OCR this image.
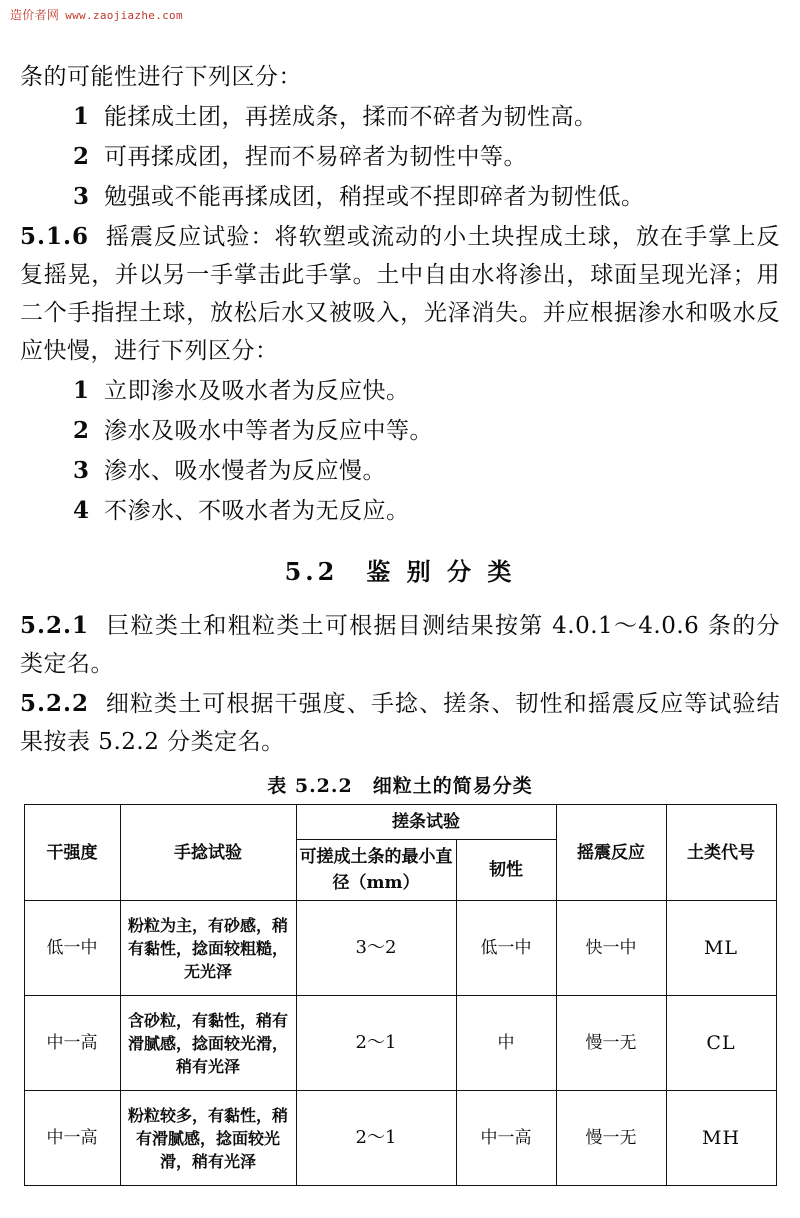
造价者网 www.zaojiazhe.com

条的可能性进行下列区分：

1 能揉成土团，再搓成条，揉而不碎者为韧性高。
2 可再揉成团，捏而不易碎者为韧性中等。
3 勉强或不能再揉成团，稍捏或不捏即碎者为韧性低。

5.1.6 摇震反应试验：将软塑或流动的小土块捏成土球，放在手掌上反复摇晃，并以另一手掌击此手掌。土中自由水将渗出，球面呈现光泽；用二个手指捏土球，放松后水又被吸入，光泽消失。并应根据渗水和吸水反应快慢，进行下列区分：

1 立即渗水及吸水者为反应快。
2 渗水及吸水中等者为反应中等。
3 渗水、吸水慢者为反应慢。
4 不渗水、不吸水者为无反应。
5.2　鉴 别 分 类

5.2.1 巨粒类土和粗粒类土可根据目测结果按第 4.0.1～4.0.6 条的分类定名。

5.2.2 细粒类土可根据干强度、手捻、搓条、韧性和摇震反应等试验结果按表 5.2.2 分类定名。

表 5.2.2　细粒土的简易分类
干强度	手捻试验	搓条试验		摇震反应	土类代号
		可搓成土条的最小直径（mm）	韧性		
低一中	粉粒为主，有砂感，稍有黏性，捻面较粗糙，无光泽	3～2	低一中	快一中	ML
中一高	含砂粒，有黏性，稍有滑腻感，捻面较光滑，稍有光泽	2～1	中	慢一无	CL
中一高	粉粒较多，有黏性，稍有滑腻感，捻面较光滑，稍有光泽	2～1	中一高	慢一无	MH
